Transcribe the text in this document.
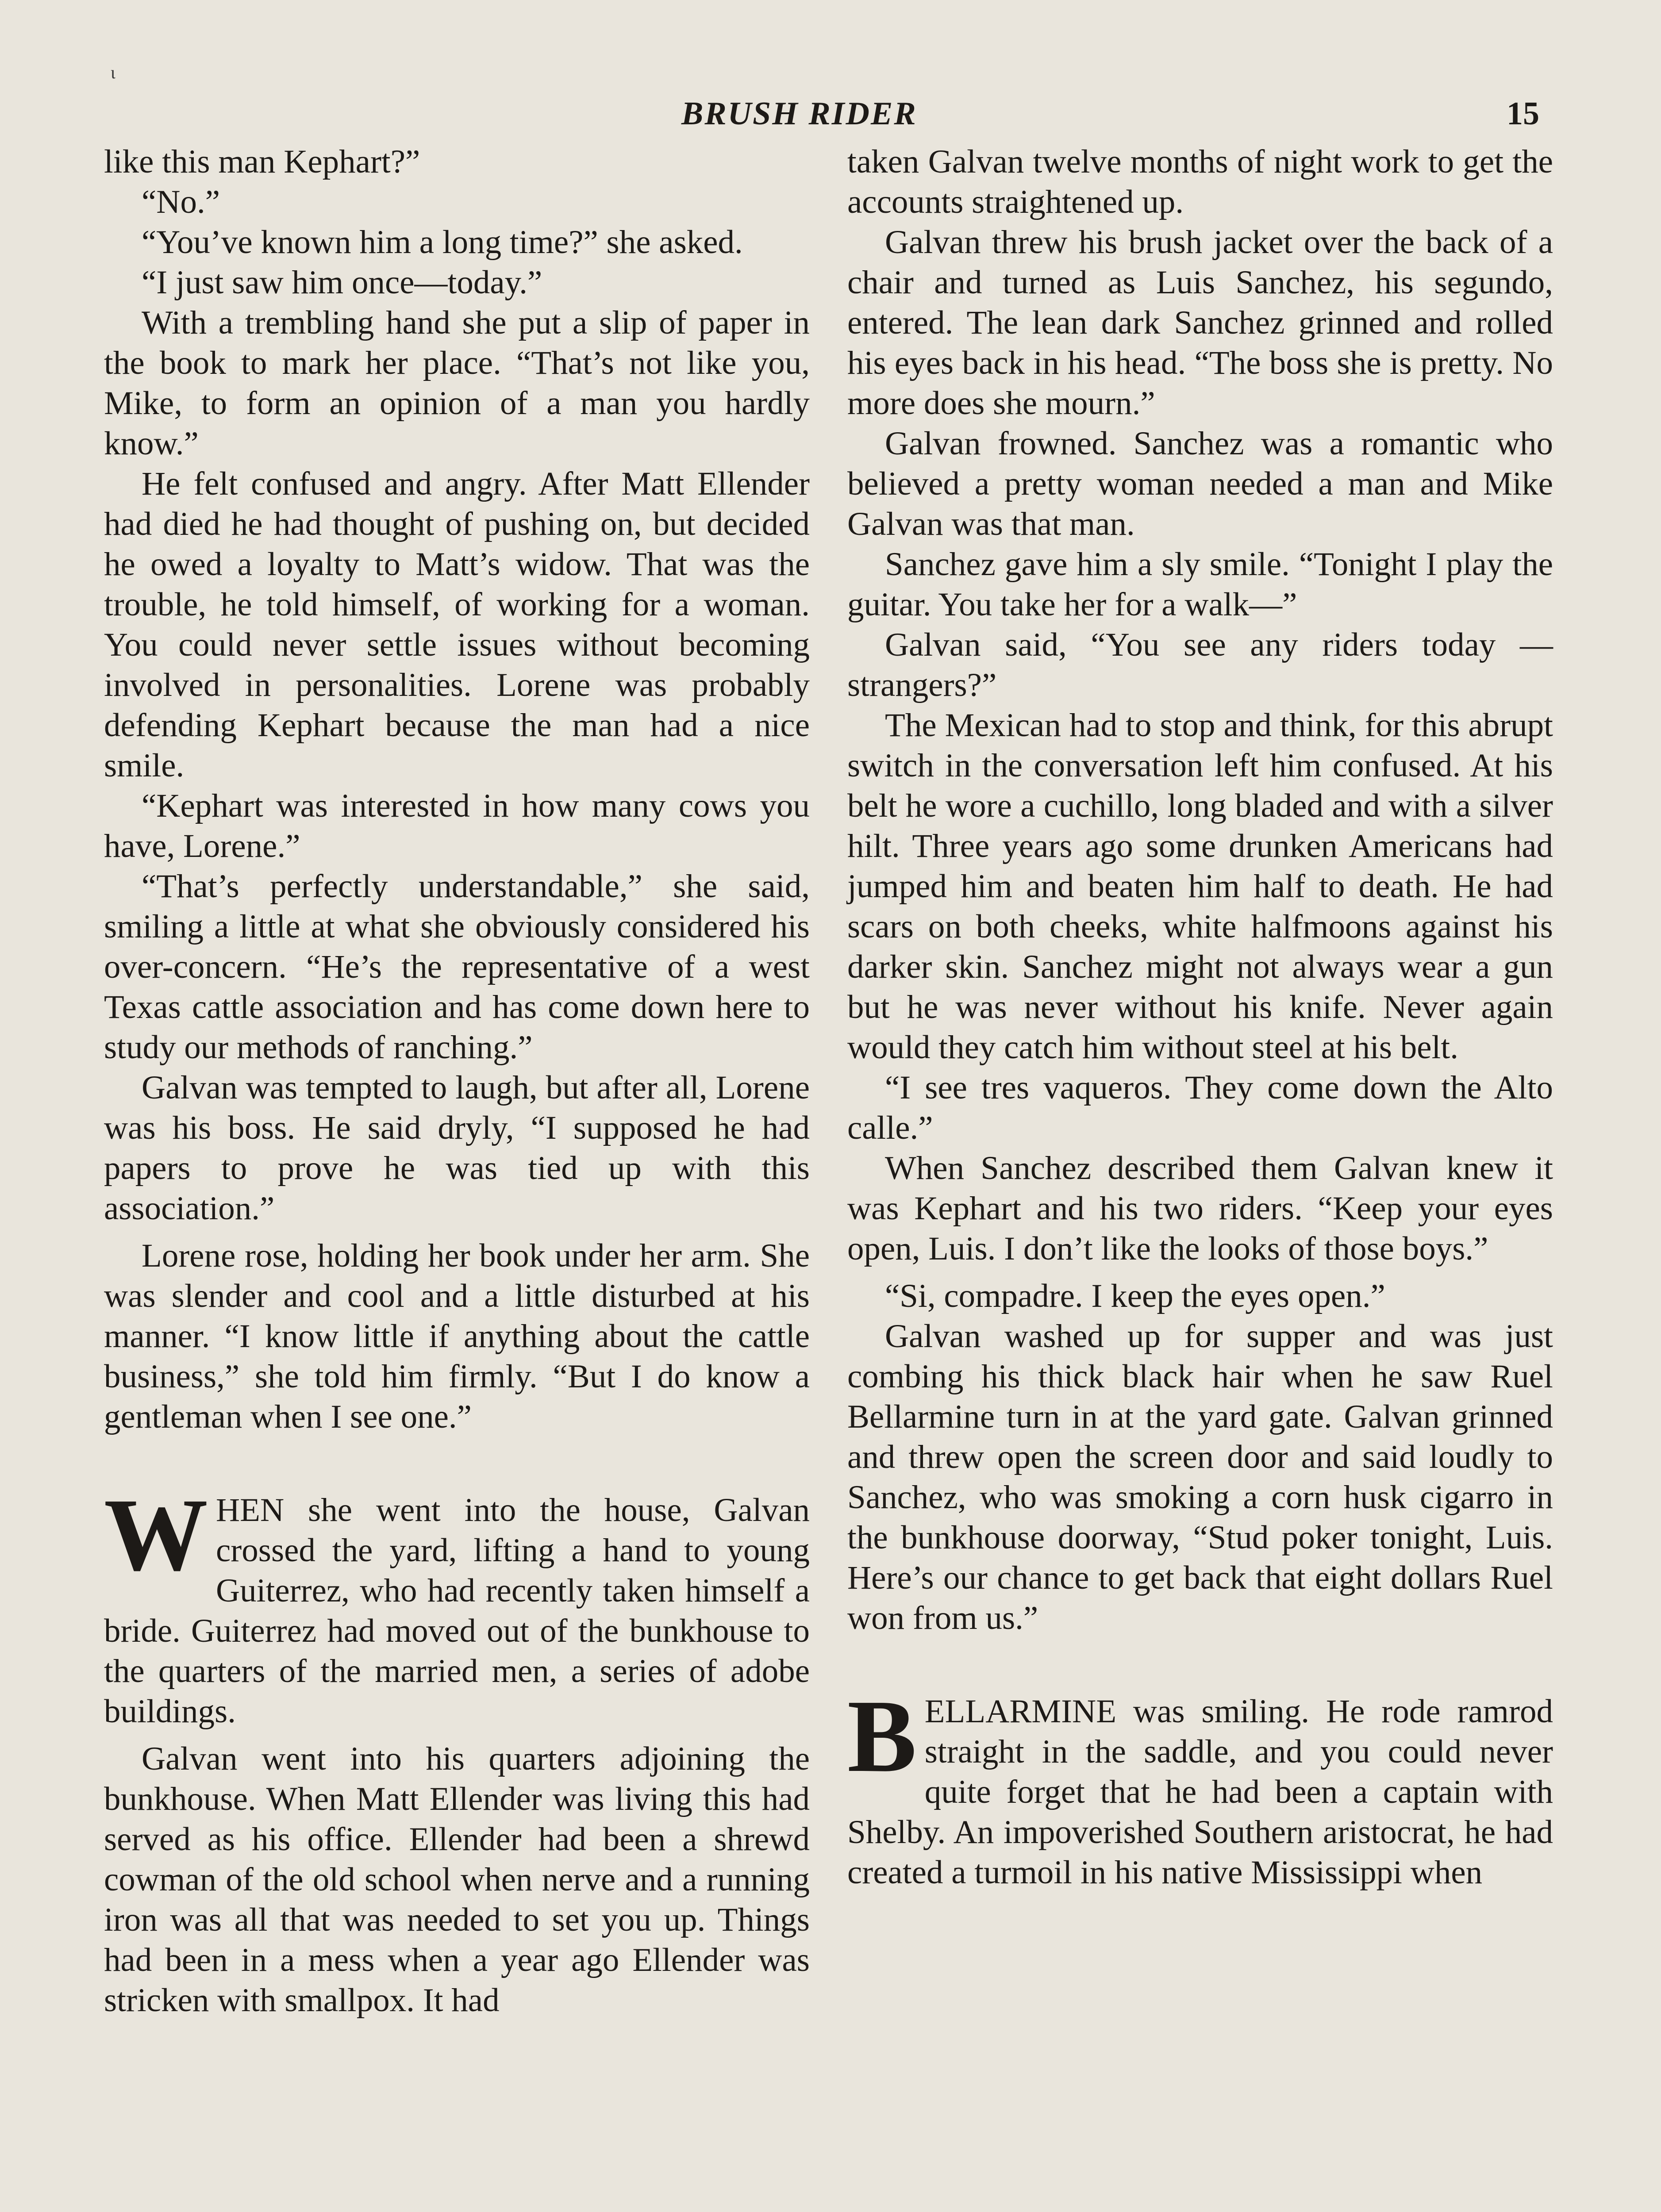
ι
BRUSH RIDER	15

like this man Kephart?”

“No.”

“You’ve known him a long time?” she asked.

“I just saw him once—today.”

With a trembling hand she put a slip of paper in the book to mark her place. “That’s not like you, Mike, to form an opinion of a man you hardly know.”

He felt confused and angry. After Matt Ellender had died he had thought of pushing on, but decided he owed a loyalty to Matt’s widow. That was the trouble, he told himself, of working for a woman. You could never settle issues without becoming involved in personalities. Lorene was probably defending Kephart because the man had a nice smile.

“Kephart was interested in how many cows you have, Lorene.”

“That’s perfectly understandable,” she said, smiling a little at what she obviously considered his over-concern. “He’s the representative of a west Texas cattle association and has come down here to study our methods of ranching.”

Galvan was tempted to laugh, but after all, Lorene was his boss. He said dryly, “I supposed he had papers to prove he was tied up with this association.”

Lorene rose, holding her book under her arm. She was slender and cool and a little disturbed at his manner. “I know little if anything about the cattle business,” she told him firmly. “But I do know a gentleman when I see one.”

WHEN she went into the house, Galvan crossed the yard, lifting a hand to young Guiterrez, who had recently taken himself a bride. Guiterrez had moved out of the bunkhouse to the quarters of the married men, a series of adobe buildings.

Galvan went into his quarters adjoining the bunkhouse. When Matt Ellender was living this had served as his office. Ellender had been a shrewd cowman of the old school when nerve and a running iron was all that was needed to set you up. Things had been in a mess when a year ago Ellender was stricken with smallpox. It had

taken Galvan twelve months of night work to get the accounts straightened up.

Galvan threw his brush jacket over the back of a chair and turned as Luis Sanchez, his segundo, entered. The lean dark Sanchez grinned and rolled his eyes back in his head. “The boss she is pretty. No more does she mourn.”

Galvan frowned. Sanchez was a romantic who believed a pretty woman needed a man and Mike Galvan was that man.

Sanchez gave him a sly smile. “Tonight I play the guitar. You take her for a walk—”

Galvan said, “You see any riders today —strangers?”

The Mexican had to stop and think, for this abrupt switch in the conversation left him confused. At his belt he wore a cuchillo, long bladed and with a silver hilt. Three years ago some drunken Americans had jumped him and beaten him half to death. He had scars on both cheeks, white halfmoons against his darker skin. Sanchez might not always wear a gun but he was never without his knife. Never again would they catch him without steel at his belt.

“I see tres vaqueros. They come down the Alto calle.”

When Sanchez described them Galvan knew it was Kephart and his two riders. “Keep your eyes open, Luis. I don’t like the looks of those boys.”

“Si, compadre. I keep the eyes open.”

Galvan washed up for supper and was just combing his thick black hair when he saw Ruel Bellarmine turn in at the yard gate. Galvan grinned and threw open the screen door and said loudly to Sanchez, who was smoking a corn husk cigarro in the bunkhouse doorway, “Stud poker tonight, Luis. Here’s our chance to get back that eight dollars Ruel won from us.”

BELLARMINE was smiling. He rode ramrod straight in the saddle, and you could never quite forget that he had been a captain with Shelby. An impoverished Southern aristocrat, he had created a turmoil in his native Mississippi when
